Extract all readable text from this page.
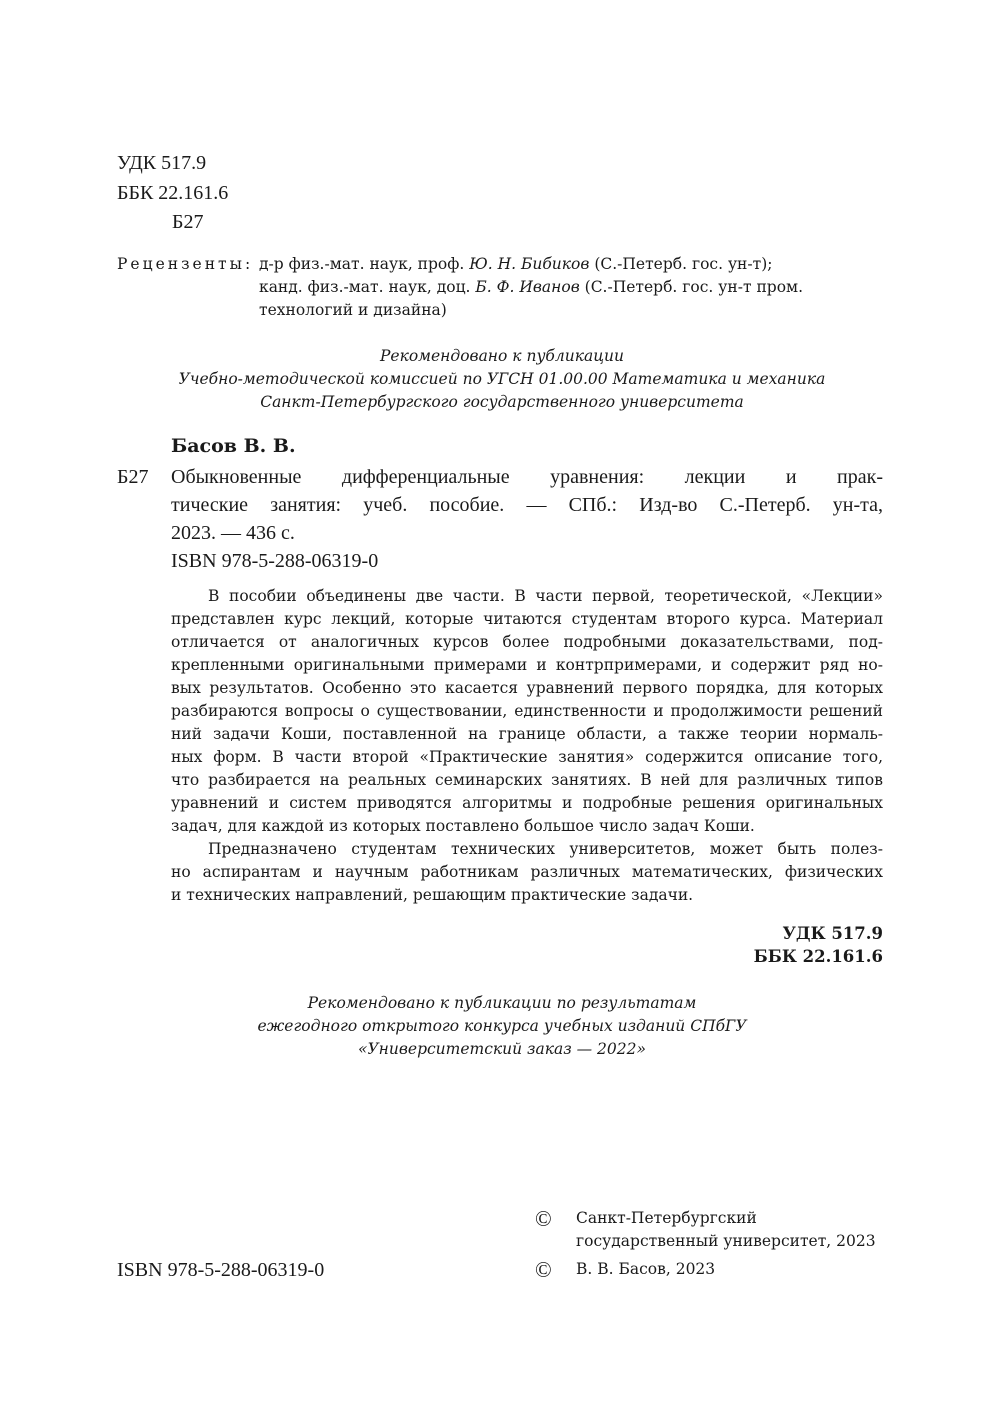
УДК 517.9
ББК 22.161.6
Б27
Рецензенты: д-р физ.-мат. наук, проф. Ю. Н. Бибиков (С.-Петерб. гос. ун-т);
канд. физ.-мат. наук, доц. Б. Ф. Иванов (С.-Петерб. гос. ун-т пром.
технологий и дизайна)
Рекомендовано к публикации
Учебно-методической комиссией по УГСН 01.00.00 Математика и механика
Санкт-Петербургского государственного университета
Басов В. В.
Б27 Обыкновенные дифференциальные уравнения: лекции и прак-
тические занятия: учеб. пособие. — СПб.: Изд-во С.-Петерб. ун-та,
2023. — 436 с.
ISBN 978-5-288-06319-0
В пособии объединены две части. В части первой, теоретической, «Лекции»
представлен курс лекций, которые читаются студентам второго курса. Материал
отличается от аналогичных курсов более подробными доказательствами, под-
крепленными оригинальными примерами и контрпримерами, и содержит ряд но-
вых результатов. Особенно это касается уравнений первого порядка, для которых
разбираются вопросы о существовании, единственности и продолжимости решений
ний задачи Коши, поставленной на границе области, а также теории нормаль-
ных форм. В части второй «Практические занятия» содержится описание того,
что разбирается на реальных семинарских занятиях. В ней для различных типов
уравнений и систем приводятся алгоритмы и подробные решения оригинальных
задач, для каждой из которых поставлено большое число задач Коши.
Предназначено студентам технических университетов, может быть полез-
но аспирантам и научным работникам различных математических, физических
и технических направлений, решающим практические задачи.
УДК 517.9
ББК 22.161.6
Рекомендовано к публикации по результатам
ежегодного открытого конкурса учебных изданий СПбГУ
«Университетский заказ — 2022»
© Санкт-Петербургский
государственный университет, 2023
© В. В. Басов, 2023
ISBN 978-5-288-06319-0
